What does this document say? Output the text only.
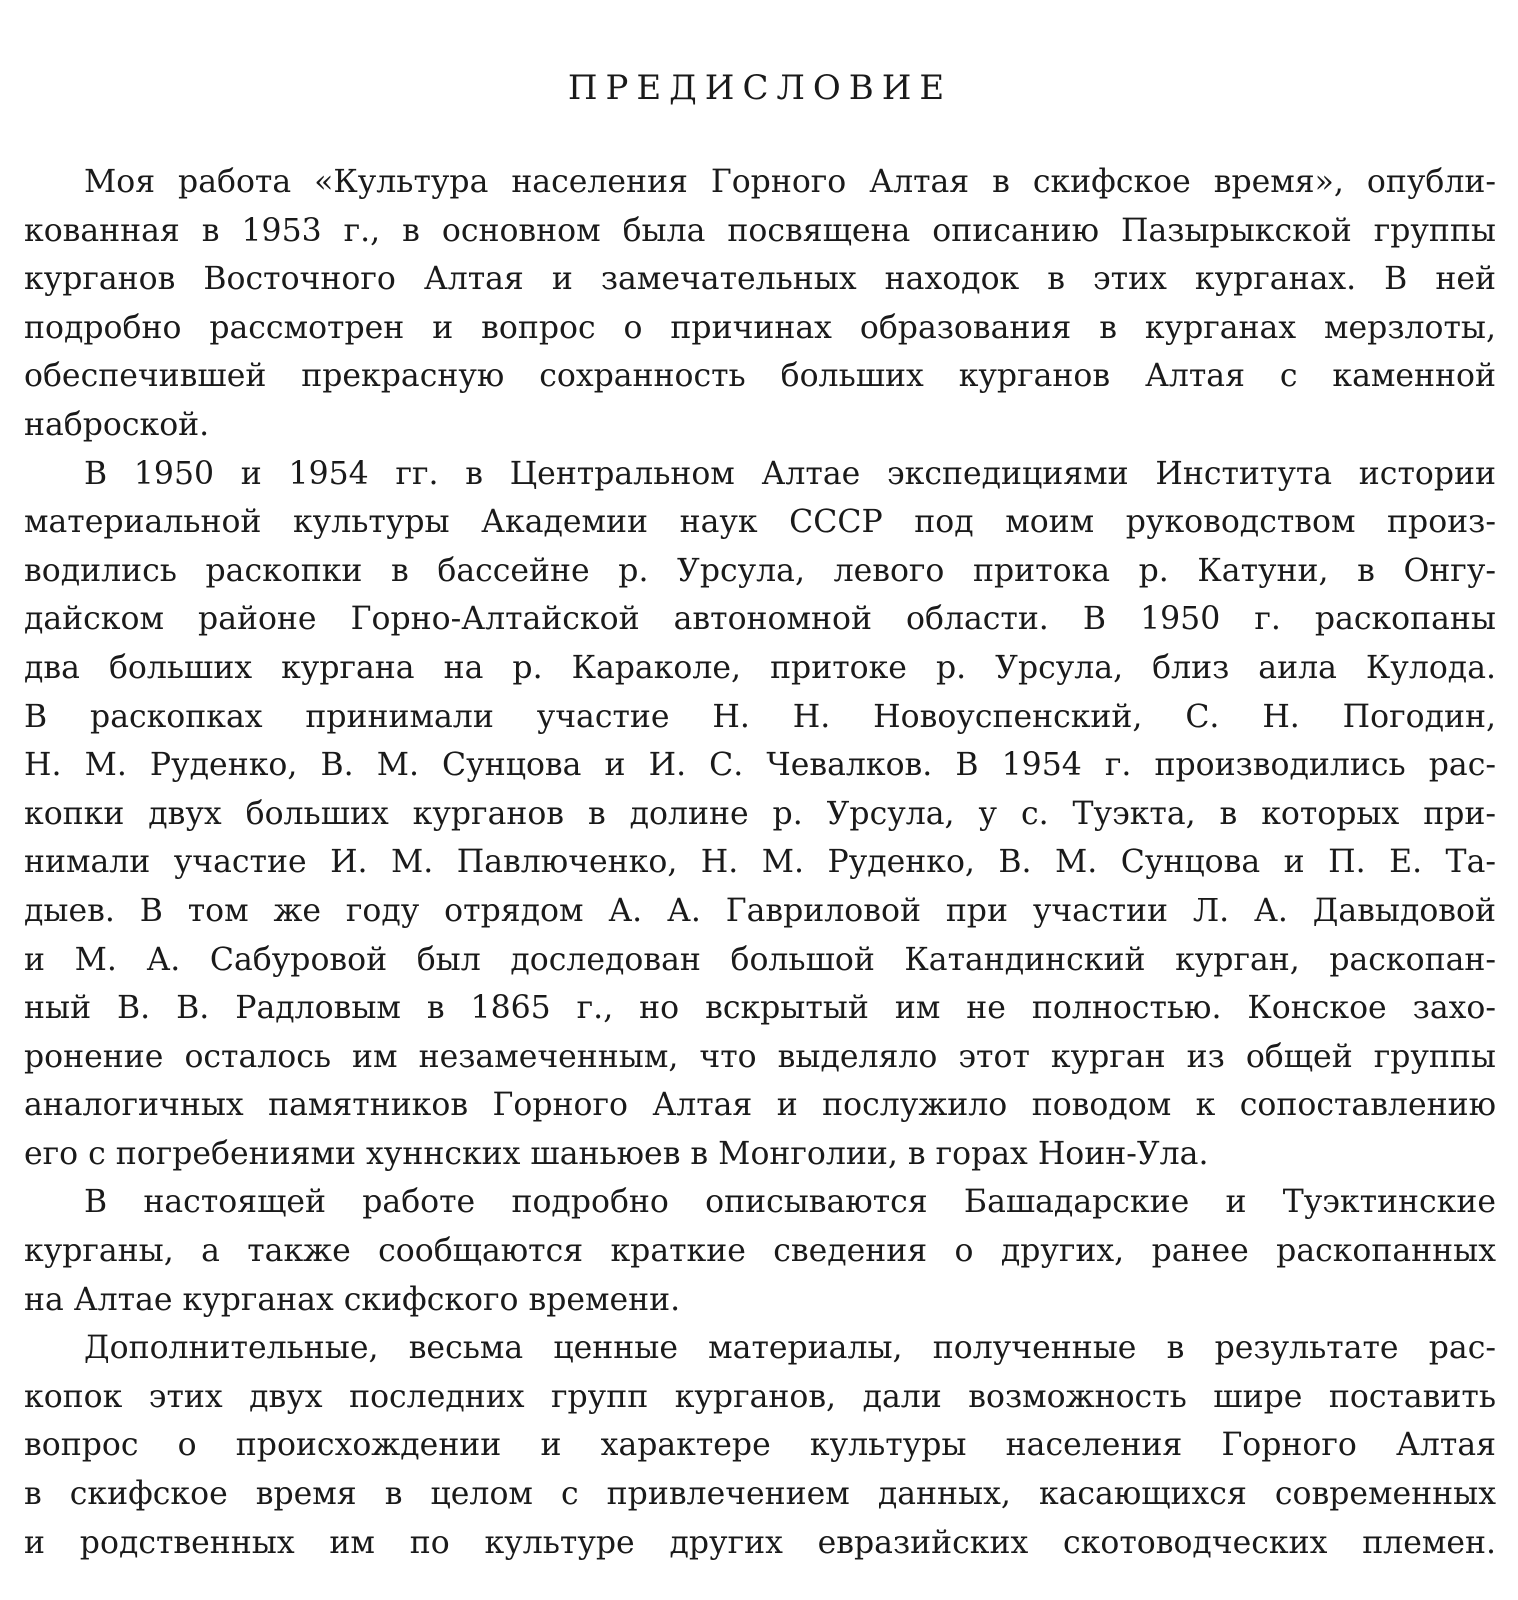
ПРЕДИСЛОВИЕ
Моя работа «Культура населения Горного Алтая в скифское время», опубли-
кованная в 1953 г., в основном была посвящена описанию Пазырыкской группы
курганов Восточного Алтая и замечательных находок в этих курганах. В ней
подробно рассмотрен и вопрос о причинах образования в курганах мерзлоты,
обеспечившей прекрасную сохранность больших курганов Алтая с каменной
наброской.
В 1950 и 1954 гг. в Центральном Алтае экспедициями Института истории
материальной культуры Академии наук СССР под моим руководством произ-
водились раскопки в бассейне р. Урсула, левого притока р. Катуни, в Онгу-
дайском районе Горно-Алтайской автономной области. В 1950 г. раскопаны
два больших кургана на р. Караколе, притоке р. Урсула, близ аила Кулода.
В раскопках принимали участие Н. Н. Новоуспенский, С. Н. Погодин,
Н. М. Руденко, В. М. Сунцова и И. С. Чевалков. В 1954 г. производились рас-
копки двух больших курганов в долине р. Урсула, у с. Туэкта, в которых при-
нимали участие И. М. Павлюченко, Н. М. Руденко, В. М. Сунцова и П. Е. Та-
дыев. В том же году отрядом А. А. Гавриловой при участии Л. А. Давыдовой
и М. А. Сабуровой был доследован большой Катандинский курган, раскопан-
ный В. В. Радловым в 1865 г., но вскрытый им не полностью. Конское захо-
ронение осталось им незамеченным, что выделяло этот курган из общей группы
аналогичных памятников Горного Алтая и послужило поводом к сопоставлению
его с погребениями хуннских шаньюев в Монголии, в горах Ноин-Ула.
В настоящей работе подробно описываются Башадарские и Туэктинские
курганы, а также сообщаются краткие сведения о других, ранее раскопанных
на Алтае курганах скифского времени.
Дополнительные, весьма ценные материалы, полученные в результате рас-
копок этих двух последних групп курганов, дали возможность шире поставить
вопрос о происхождении и характере культуры населения Горного Алтая
в скифское время в целом с привлечением данных, касающихся современных
и родственных им по культуре других евразийских скотоводческих племен.
